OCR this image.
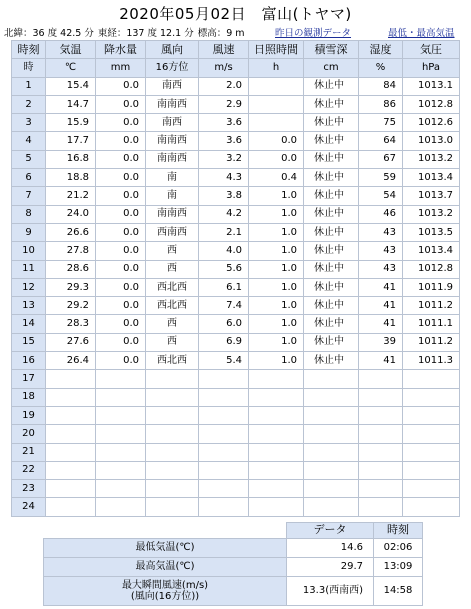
2020年05月02日　富山(トヤマ)
北緯：36 度 42.5 分 東経：137 度 12.1 分 標高：9 m	昨日の観測データ	最低・最高気温
時刻	気温	降水量	風向	風速	日照時間	積雪深	湿度	気圧
時	℃	mm	16方位	m/s	h	cm	%	hPa
1	15.4	0.0	南西	2.0		休止中	84	1013.1
2	14.7	0.0	南南西	2.9		休止中	86	1012.8
3	15.9	0.0	南西	3.6		休止中	75	1012.6
4	17.7	0.0	南南西	3.6	0.0	休止中	64	1013.0
5	16.8	0.0	南南西	3.2	0.0	休止中	67	1013.2
6	18.8	0.0	南	4.3	0.4	休止中	59	1013.4
7	21.2	0.0	南	3.8	1.0	休止中	54	1013.7
8	24.0	0.0	南南西	4.2	1.0	休止中	46	1013.2
9	26.6	0.0	西南西	2.1	1.0	休止中	43	1013.5
10	27.8	0.0	西	4.0	1.0	休止中	43	1013.4
11	28.6	0.0	西	5.6	1.0	休止中	43	1012.8
12	29.3	0.0	西北西	6.1	1.0	休止中	41	1011.9
13	29.2	0.0	西北西	7.4	1.0	休止中	41	1011.2
14	28.3	0.0	西	6.0	1.0	休止中	41	1011.1
15	27.6	0.0	西	6.9	1.0	休止中	39	1011.2
16	26.4	0.0	西北西	5.4	1.0	休止中	41	1011.3
17								
18								
19								
20								
21								
22								
23								
24								
	データ	時刻
最低気温(℃)	14.6	02:06
最高気温(℃)	29.7	13:09
最大瞬間風速(m/s)
(風向(16方位))	13.3(西南西)	14:58
